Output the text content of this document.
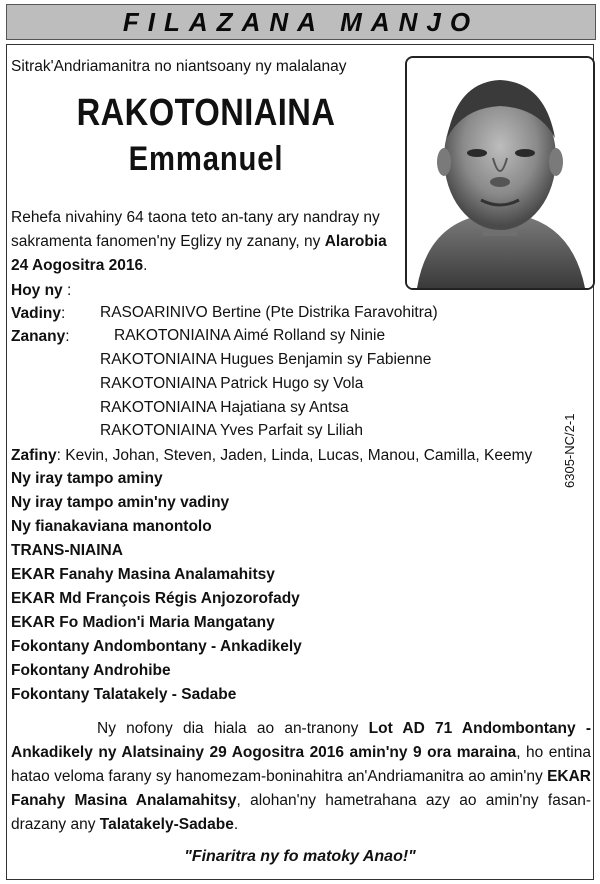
FILAZANA MANJO
Sitrak'Andriamanitra no niantsoany ny malalanay
RAKOTONIAINA
Emmanuel
Rehefa nivahiny 64 taona teto an-tany ary nandray ny sakramenta fanomen'ny Eglizy ny zanany, ny Alarobia 24 Aogositra 2016.
Hoy ny :
Vadiny: RASOARINIVO Bertine (Pte Distrika Faravohitra)
Zanany:	RAKOTONIAINA Aimé Rolland sy Ninie
RAKOTONIAINA Hugues Benjamin sy Fabienne
RAKOTONIAINA Patrick Hugo sy Vola
RAKOTONIAINA Hajatiana sy Antsa
RAKOTONIAINA Yves Parfait sy Liliah
Zafiny: Kevin, Johan, Steven, Jaden, Linda, Lucas, Manou, Camilla, Keemy
Ny iray tampo aminy
Ny iray tampo amin'ny vadiny
Ny fianakaviana manontolo
TRANS-NIAINA
EKAR Fanahy Masina Analamahitsy
EKAR Md François Régis Anjozorofady
EKAR Fo Madion'i Maria Mangatany
Fokontany Andombontany - Ankadikely
Fokontany Androhibe
Fokontany Talatakely - Sadabe
Ny nofony dia hiala ao an-tranony Lot AD 71 Andombontany - Ankadikely ny Alatsinainy 29 Aogositra 2016 amin'ny 9 ora maraina, ho entina hatao veloma farany sy hanomezam-boninahitra an'Andriamanitra ao amin'ny EKAR Fanahy Masina Analamahitsy, alohan'ny hametrahana azy ao amin'ny fasan-drazany any Talatakely-Sadabe.
"Finaritra ny fo matoky Anao!"
6305-NC/2-1
